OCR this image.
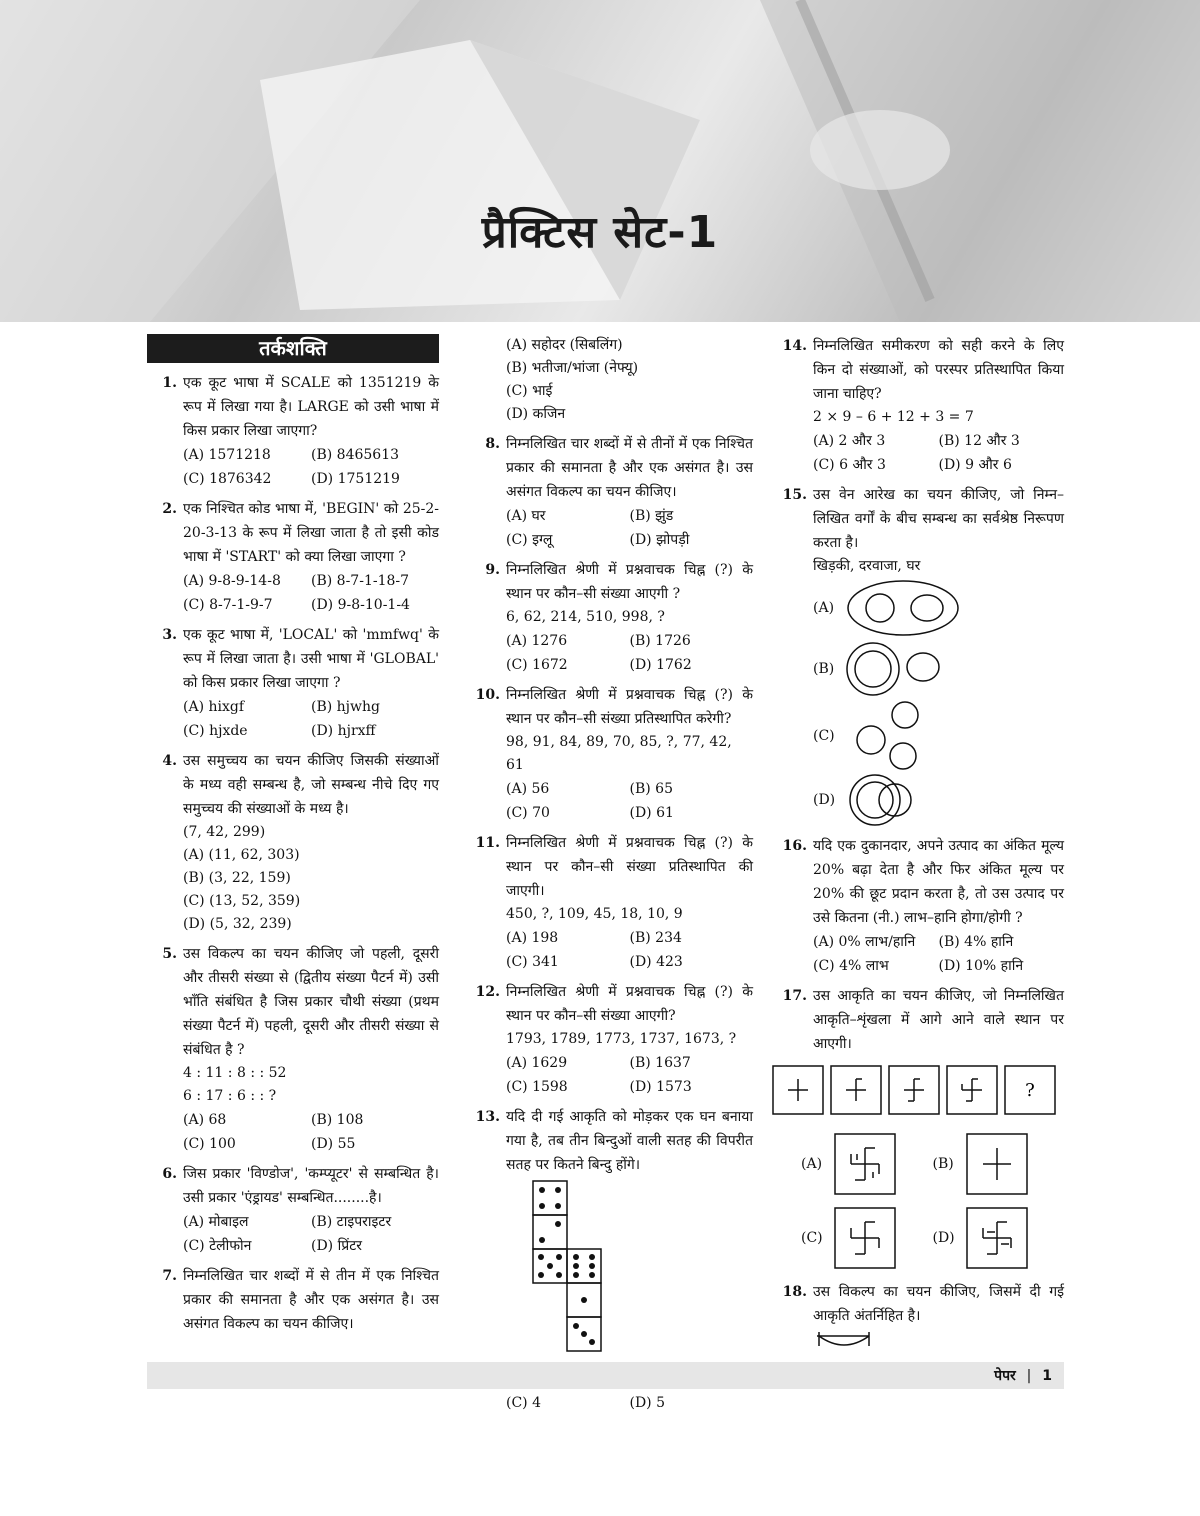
प्रैक्टिस सेट-1
तर्कशक्ति
1. एक कूट भाषा में SCALE को 1351219 के रूप में लिखा गया है। LARGE को उसी भाषा में किस प्रकार लिखा जाएगा?
(A) 1571218	(B) 8465613
(C) 1876342	(D) 1751219
2. एक निश्चित कोड भाषा में, 'BEGIN' को 25-2-20-3-13 के रूप में लिखा जाता है तो इसी कोड भाषा में 'START' को क्या लिखा जाएगा ?
(A) 9-8-9-14-8	(B) 8-7-1-18-7
(C) 8-7-1-9-7	(D) 9-8-10-1-4
3. एक कूट भाषा में, 'LOCAL' को 'mmfwq' के रूप में लिखा जाता है। उसी भाषा में 'GLOBAL' को किस प्रकार लिखा जाएगा ?
(A) hixgf	(B) hjwhg
(C) hjxde	(D) hjrxff
4. उस समुच्चय का चयन कीजिए जिसकी संख्याओं के मध्य वही सम्बन्ध है, जो सम्बन्ध नीचे दिए गए समुच्चय की संख्याओं के मध्य है।
(7, 42, 299)
(A) (11, 62, 303)
(B) (3, 22, 159)
(C) (13, 52, 359)
(D) (5, 32, 239)
5. उस विकल्प का चयन कीजिए जो पहली, दूसरी और तीसरी संख्या से (द्वितीय संख्या पैटर्न में) उसी भाँति संबंधित है जिस प्रकार चौथी संख्या (प्रथम संख्या पैटर्न में) पहली, दूसरी और तीसरी संख्या से संबंधित है ?
4 : 11 : 8 : : 52
6 : 17 : 6 : : ?
(A) 68	(B) 108
(C) 100	(D) 55
6. जिस प्रकार 'विण्डोज', 'कम्प्यूटर' से सम्बन्धित है। उसी प्रकार 'एंड्रायड' सम्बन्धित........है।
(A) मोबाइल	(B) टाइपराइटर
(C) टेलीफोन	(D) प्रिंटर
7. निम्नलिखित चार शब्दों में से तीन में एक निश्चित प्रकार की समानता है और एक असंगत है। उस असंगत विकल्प का चयन कीजिए।
(A) सहोदर (सिबलिंग)
(B) भतीजा/भांजा (नेफ्यू)
(C) भाई
(D) कजिन
8. निम्नलिखित चार शब्दों में से तीनों में एक निश्चित प्रकार की समानता है और एक असंगत है। उस असंगत विकल्प का चयन कीजिए।
(A) घर	(B) झुंड
(C) इग्लू	(D) झोपड़ी
9. निम्नलिखित श्रेणी में प्रश्नवाचक चिह्न (?) के स्थान पर कौन–सी संख्या आएगी ?
6, 62, 214, 510, 998, ?
(A) 1276	(B) 1726
(C) 1672	(D) 1762
10. निम्नलिखित श्रेणी में प्रश्नवाचक चिह्न (?) के स्थान पर कौन–सी संख्या प्रतिस्थापित करेगी?
98, 91, 84, 89, 70, 85, ?, 77, 42, 61
(A) 56	(B) 65
(C) 70	(D) 61
11. निम्नलिखित श्रेणी में प्रश्नवाचक चिह्न (?) के स्थान पर कौन–सी संख्या प्रतिस्थापित की जाएगी।
450, ?, 109, 45, 18, 10, 9
(A) 198	(B) 234
(C) 341	(D) 423
12. निम्नलिखित श्रेणी में प्रश्नवाचक चिह्न (?) के स्थान पर कौन–सी संख्या आएगी?
1793, 1789, 1773, 1737, 1673, ?
(A) 1629	(B) 1637
(C) 1598	(D) 1573
13. यदि दी गई आकृति को मोड़कर एक घन बनाया गया है, तब तीन बिन्दुओं वाली सतह की विपरीत सतह पर कितने बिन्दु होंगे।
(C) 4	(D) 5
14. निम्नलिखित समीकरण को सही करने के लिए किन दो संख्याओं, को परस्पर प्रतिस्थापित किया जाना चाहिए?
2 × 9 – 6 + 12 + 3 = 7
(A) 2 और 3	(B) 12 और 3
(C) 6 और 3	(D) 9 और 6
15. उस वेन आरेख का चयन कीजिए, जो निम्न–लिखित वर्गों के बीच सम्बन्ध का सर्वश्रेष्ठ निरूपण करता है।
खिड़की, दरवाजा, घर
(A)
(B)
(C)
(D)
16. यदि एक दुकानदार, अपने उत्पाद का अंकित मूल्य 20% बढ़ा देता है और फिर अंकित मूल्य पर 20% की छूट प्रदान करता है, तो उस उत्पाद पर उसे कितना (नी.) लाभ–हानि होगा/होगी ?
(A) 0% लाभ/हानि	(B) 4% हानि
(C) 4% लाभ	(D) 10% हानि
17. उस आकृति का चयन कीजिए, जो निम्नलिखित आकृति–शृंखला में आगे आने वाले स्थान पर आएगी।
?
(A)	(B)
(C)	(D)
18. उस विकल्प का चयन कीजिए, जिसमें दी गई आकृति अंतर्निहित है।
पेपर | 1
